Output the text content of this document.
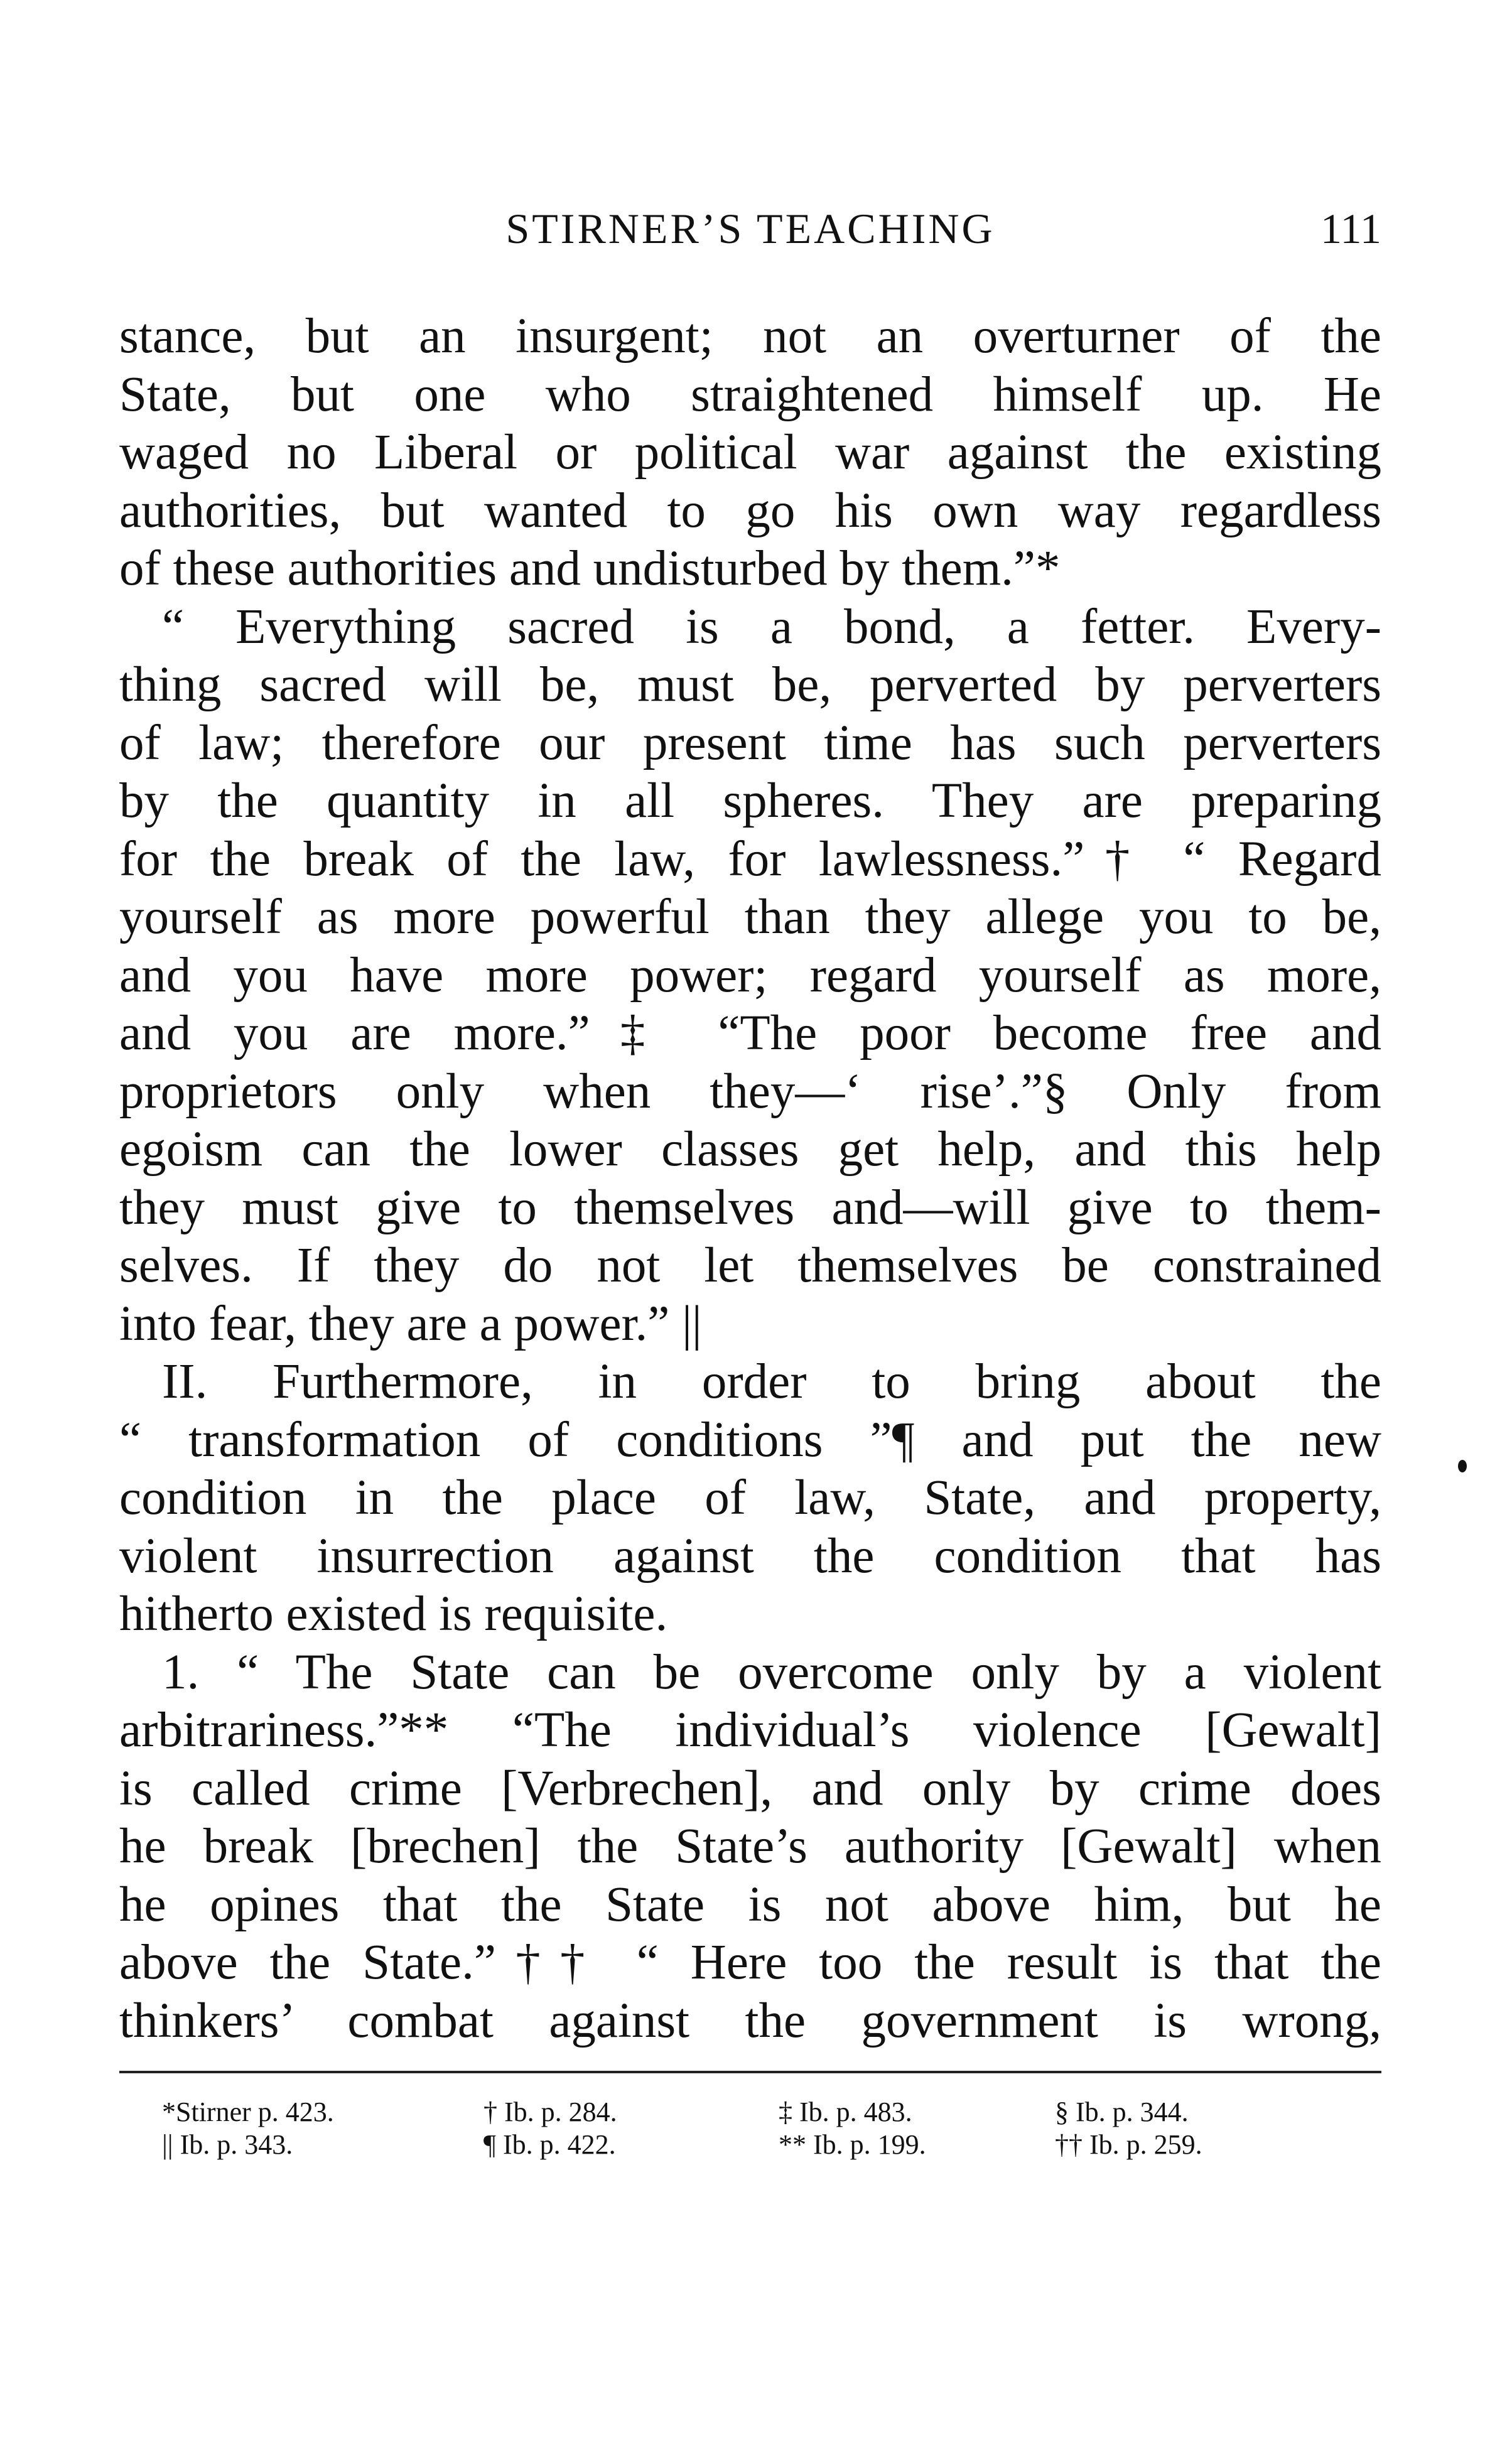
STIRNER’S TEACHING	111
stance, but an insurgent; not an overturner of the
State, but one who straightened himself up. He
waged no Liberal or political war against the existing
authorities, but wanted to go his own way regardless
of these authorities and undisturbed by them.”*
“ Everything sacred is a bond, a fetter. Every-
thing sacred will be, must be, perverted by perverters
of law; therefore our present time has such perverters
by the quantity in all spheres. They are preparing
for the break of the law, for lawlessness.”† “ Regard
yourself as more powerful than they allege you to be,
and you have more power; regard yourself as more,
and you are more.”‡ “The poor become free and
proprietors only when they—‘ rise’.”§ Only from
egoism can the lower classes get help, and this help
they must give to themselves and—will give to them-
selves. If they do not let themselves be constrained
into fear, they are a power.” ||
II. Furthermore, in order to bring about the
“ transformation of conditions ”¶ and put the new
condition in the place of law, State, and property,
violent insurrection against the condition that has
hitherto existed is requisite.
1. “ The State can be overcome only by a violent
arbitrariness.”** “The individual’s violence [Gewalt]
is called crime [Verbrechen], and only by crime does
he break [brechen] the State’s authority [Gewalt] when
he opines that the State is not above him, but he
above the State.”†† “ Here too the result is that the
thinkers’ combat against the government is wrong,
*Stirner p. 423.	† Ib. p. 284.	‡ Ib. p. 483.	§ Ib. p. 344.
|| Ib. p. 343.	¶ Ib. p. 422.	** Ib. p. 199.	†† Ib. p. 259.
